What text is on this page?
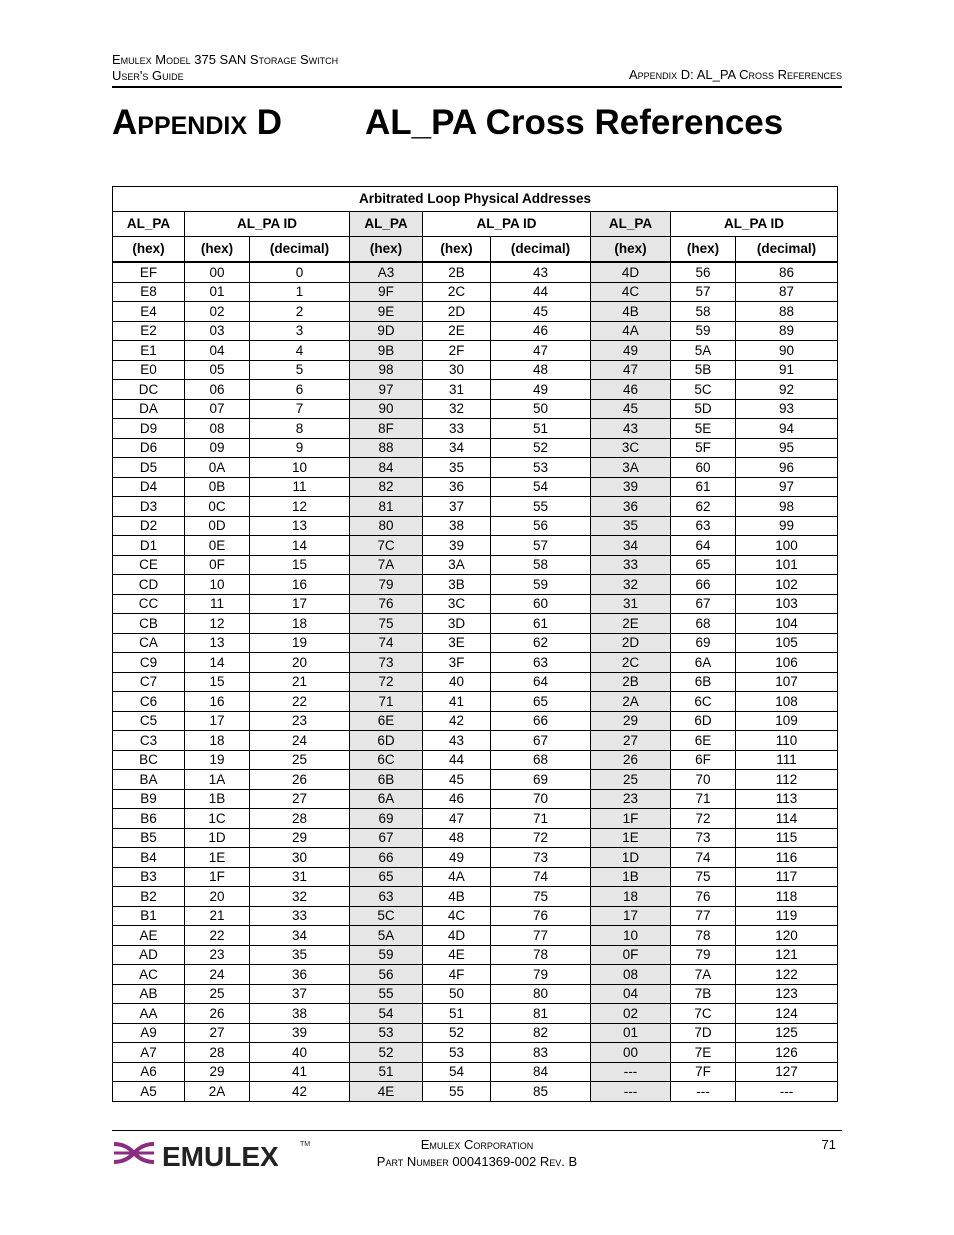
Emulex Model 375 SAN Storage Switch
User's Guide	Appendix D: AL_PA Cross References
Appendix D AL_PA Cross References
Arbitrated Loop Physical Addresses								
AL_PA	AL_PA ID		AL_PA	AL_PA ID		AL_PA	AL_PA ID	
(hex)	(hex)	(decimal)	(hex)	(hex)	(decimal)	(hex)	(hex)	(decimal)
EF	00	0	A3	2B	43	4D	56	86
E8	01	1	9F	2C	44	4C	57	87
E4	02	2	9E	2D	45	4B	58	88
E2	03	3	9D	2E	46	4A	59	89
E1	04	4	9B	2F	47	49	5A	90
E0	05	5	98	30	48	47	5B	91
DC	06	6	97	31	49	46	5C	92
DA	07	7	90	32	50	45	5D	93
D9	08	8	8F	33	51	43	5E	94
D6	09	9	88	34	52	3C	5F	95
D5	0A	10	84	35	53	3A	60	96
D4	0B	11	82	36	54	39	61	97
D3	0C	12	81	37	55	36	62	98
D2	0D	13	80	38	56	35	63	99
D1	0E	14	7C	39	57	34	64	100
CE	0F	15	7A	3A	58	33	65	101
CD	10	16	79	3B	59	32	66	102
CC	11	17	76	3C	60	31	67	103
CB	12	18	75	3D	61	2E	68	104
CA	13	19	74	3E	62	2D	69	105
C9	14	20	73	3F	63	2C	6A	106
C7	15	21	72	40	64	2B	6B	107
C6	16	22	71	41	65	2A	6C	108
C5	17	23	6E	42	66	29	6D	109
C3	18	24	6D	43	67	27	6E	110
BC	19	25	6C	44	68	26	6F	111
BA	1A	26	6B	45	69	25	70	112
B9	1B	27	6A	46	70	23	71	113
B6	1C	28	69	47	71	1F	72	114
B5	1D	29	67	48	72	1E	73	115
B4	1E	30	66	49	73	1D	74	116
B3	1F	31	65	4A	74	1B	75	117
B2	20	32	63	4B	75	18	76	118
B1	21	33	5C	4C	76	17	77	119
AE	22	34	5A	4D	77	10	78	120
AD	23	35	59	4E	78	0F	79	121
AC	24	36	56	4F	79	08	7A	122
AB	25	37	55	50	80	04	7B	123
AA	26	38	54	51	81	02	7C	124
A9	27	39	53	52	82	01	7D	125
A7	28	40	52	53	83	00	7E	126
A6	29	41	51	54	84	---	7F	127
A5	2A	42	4E	55	85	---	---	---
EMULEX	TM	Emulex Corporation
Part Number 00041369-002 Rev. B
71
